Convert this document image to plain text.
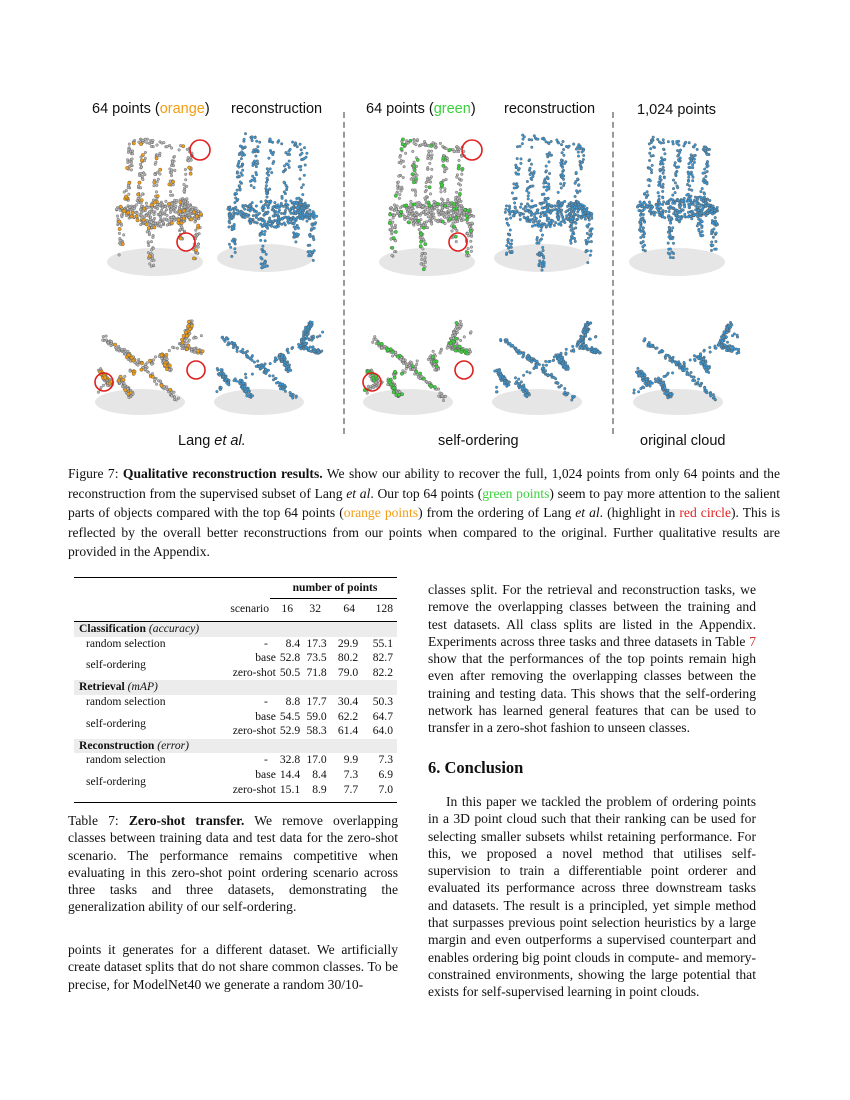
64 points (orange) reconstruction	64 points (green) reconstruction	1,024 points
Lang et al.	self-ordering	original cloud
Figure 7: Qualitative reconstruction results. We show our ability to recover the full, 1,024 points from only 64 points and the reconstruction from the supervised subset of Lang et al. Our top 64 points (green points) seem to pay more attention to the salient parts of objects compared with the top 64 points (orange points) from the ordering of Lang et al. (highlight in red circle). This is reflected by the overall better reconstructions from our points when compared to the original. Further qualitative results are provided in the Appendix.
		number of points			
		scenario	16	32	64	128
Classification (accuracy)						
random selection		-	8.4	17.3	29.9	55.1
self-ordering		base	52.8	73.5	80.2	82.7
		zero-shot	50.5	71.8	79.0	82.2
Retrieval (mAP)						
random selection		-	8.8	17.7	30.4	50.3
self-ordering		base	54.5	59.0	62.2	64.7
		zero-shot	52.9	58.3	61.4	64.0
Reconstruction (error)						
random selection		-	32.8	17.0	9.9	7.3
self-ordering		base	14.4	8.4	7.3	6.9
		zero-shot	15.1	8.9	7.7	7.0
Table 7: Zero-shot transfer. We remove overlapping classes between training data and test data for the zero-shot scenario. The performance remains competitive when evaluating in this zero-shot point ordering scenario across three tasks and three datasets, demonstrating the generalization ability of our self-ordering.
points it generates for a different dataset. We artificially create dataset splits that do not share common classes. To be precise, for ModelNet40 we generate a random 30/10-
classes split. For the retrieval and reconstruction tasks, we remove the overlapping classes between the training and test datasets. All class splits are listed in the Appendix. Experiments across three tasks and three datasets in Table 7 show that the performances of the top points remain high even after removing the overlapping classes between the training and testing data. This shows that the self-ordering network has learned general features that can be used to transfer in a zero-shot fashion to unseen classes.
6. Conclusion
In this paper we tackled the problem of ordering points in a 3D point cloud such that their ranking can be used for selecting smaller subsets whilst retaining performance. For this, we proposed a novel method that utilises self-supervision to train a differentiable point orderer and evaluated its performance across three downstream tasks and datasets. The result is a principled, yet simple method that surpasses previous point selection heuristics by a large margin and even outperforms a supervised counterpart and enables ordering big point clouds in compute- and memory-constrained environments, showing the large potential that exists for self-supervised learning in point clouds.
